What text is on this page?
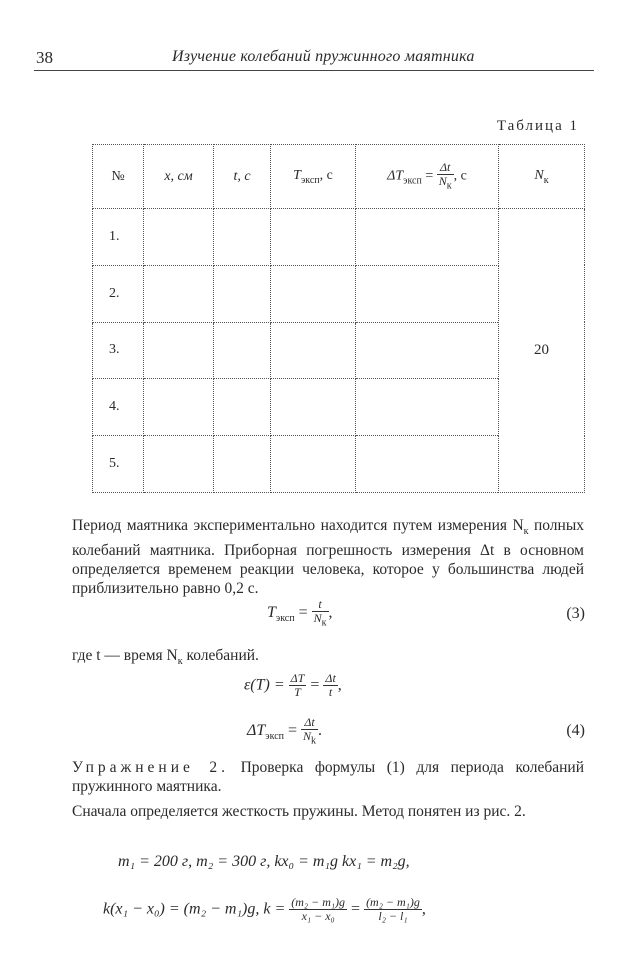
38	Изучение колебаний пружинного маятника
Таблица 1
№	x, см	t, с	$T_{эксп}$, с	$\Delta T_{эксп} = \frac{\Delta t}{N_к}$ , с	$N_к$
1.					20
2.					
3.					
4.					
5.					
Период маятника экспериментально находится путем измерения $N_к$ полных колебаний маятника. Приборная погрешность измерения Δt в основном определяется временем реакции человека, которое у большинства людей приблизительно равно 0,2 с.
$T_{эксп} = \frac{t}{N_к}$ ,	(3)
где t — время $N_к$ колебаний.
$\varepsilon(T) = \frac{\Delta T}{T} = \frac{\Delta t}{t}$ ,
$\Delta T_{эксп} = \frac{\Delta t}{N_k}$ .	(4)
Упражнение 2. Проверка формулы (1) для периода колебаний пружинного маятника.
Сначала определяется жесткость пружины. Метод понятен из рис. 2.
m₁ = 200 г, m₂ = 300 г, kx₀ = m₁g kx₁ = m₂g,
k(x₁ − x₀) = (m₂ − m₁)g, $k = \frac{\text{(m₂ − m₁)g}}{\text{x₁ − x₀}} = \frac{\text{(m₂ − m₁)g}}{\text{l₂ − l₁}}$ ,
